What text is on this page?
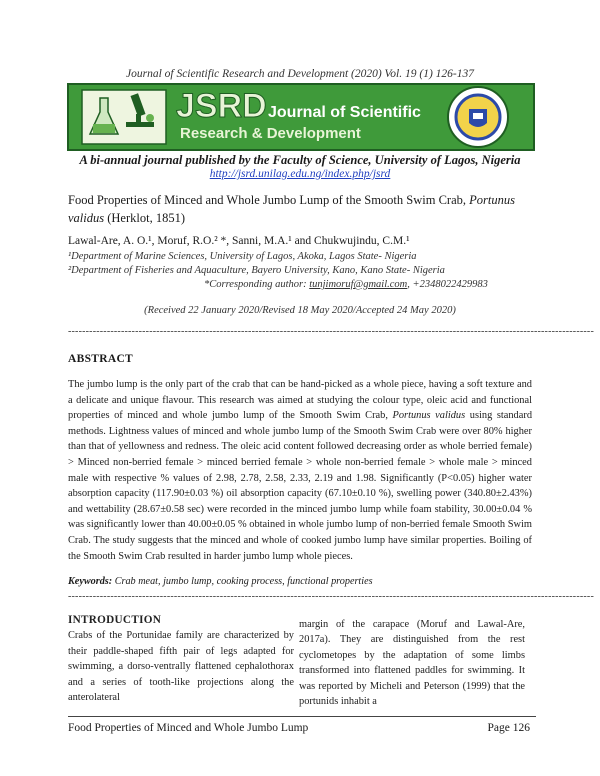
Journal of Scientific Research and Development (2020) Vol. 19 (1) 126-137
JSRD Journal of Scientific
Research & Development
A bi-annual journal published by the Faculty of Science, University of Lagos, Nigeria
http://jsrd.unilag.edu.ng/index.php/jsrd
Food Properties of Minced and Whole Jumbo Lump of the Smooth Swim Crab, Portunus validus (Herklot, 1851)
Lawal-Are, A. O.¹, Moruf, R.O.² *, Sanni, M.A.¹ and Chukwujindu, C.M.¹
¹Department of Marine Sciences, University of Lagos, Akoka, Lagos State- Nigeria
²Department of Fisheries and Aquaculture, Bayero University, Kano, Kano State- Nigeria
*Corresponding author: tunjimoruf@gmail.com, +2348022429983
(Received 22 January 2020/Revised 18 May 2020/Accepted 24 May 2020)
-----------------------------------------------------------------------------------------------------------------------------------------------------
ABSTRACT
The jumbo lump is the only part of the crab that can be hand-picked as a whole piece, having a soft texture and a delicate and unique flavour. This research was aimed at studying the colour type, oleic acid and functional properties of minced and whole jumbo lump of the Smooth Swim Crab, Portunus validus using standard methods. Lightness values of minced and whole jumbo lump of the Smooth Swim Crab were over 80% higher than that of yellowness and redness. The oleic acid content followed decreasing order as whole berried female) > Minced non-berried female > minced berried female > whole non-berried female > whole male > minced male with respective % values of 2.98, 2.78, 2.58, 2.33, 2.19 and 1.98. Significantly (P<0.05) higher water absorption capacity (117.90±0.03 %) oil absorption capacity (67.10±0.10 %), swelling power (340.80±2.43%) and wettability (28.67±0.58 sec) were recorded in the minced jumbo lump while foam stability, 30.00±0.04 % was significantly lower than 40.00±0.05 % obtained in whole jumbo lump of non-berried female Smooth Swim Crab. The study suggests that the minced and whole of cooked jumbo lump have similar properties. Boiling of the Smooth Swim Crab resulted in harder jumbo lump whole pieces.
Keywords: Crab meat, jumbo lump, cooking process, functional properties
-----------------------------------------------------------------------------------------------------------------------------------------------------
INTRODUCTION
Crabs of the Portunidae family are characterized by their paddle-shaped fifth pair of legs adapted for swimming, a dorso-ventrally flattened cephalothorax and a series of tooth-like projections along the anterolateral
margin of the carapace (Moruf and Lawal-Are, 2017a). They are distinguished from the rest cyclometopes by the adaptation of some limbs transformed into flattened paddles for swimming. It was reported by Micheli and Peterson (1999) that the portunids inhabit a
Food Properties of Minced and Whole Jumbo Lump	Page 126
